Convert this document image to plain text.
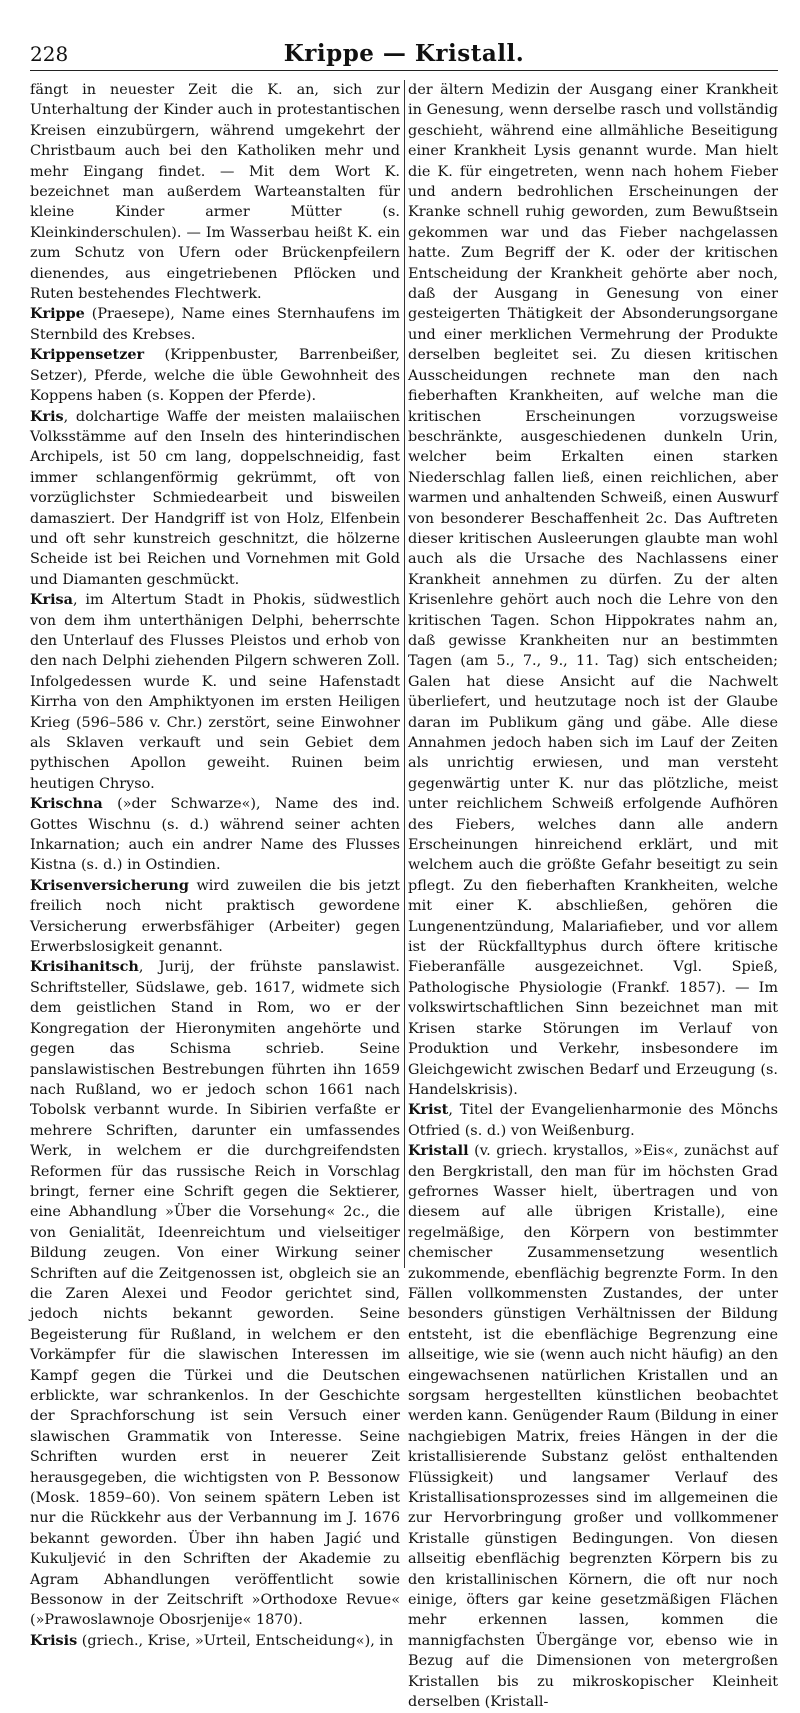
228	Krippe — Kristall.

fängt in neuester Zeit die K. an, sich zur Unterhaltung der Kinder auch in protestantischen Kreisen einzubürgern, während umgekehrt der Christbaum auch bei den Katholiken mehr und mehr Eingang findet. — Mit dem Wort K. bezeichnet man außerdem Warteanstalten für kleine Kinder armer Mütter (s. Kleinkinderschulen). — Im Wasserbau heißt K. ein zum Schutz von Ufern oder Brückenpfeilern dienendes, aus eingetriebenen Pflöcken und Ruten bestehendes Flechtwerk.

Krippe (Praesepe), Name eines Sternhaufens im Sternbild des Krebses.

Krippensetzer (Krippenbuster, Barrenbeißer, Setzer), Pferde, welche die üble Gewohnheit des Koppens haben (s. Koppen der Pferde).

Kris, dolchartige Waffe der meisten malaiischen Volksstämme auf den Inseln des hinterindischen Archipels, ist 50 cm lang, doppelschneidig, fast immer schlangenförmig gekrümmt, oft von vorzüglichster Schmiedearbeit und bisweilen damasziert. Der Handgriff ist von Holz, Elfenbein und oft sehr kunstreich geschnitzt, die hölzerne Scheide ist bei Reichen und Vornehmen mit Gold und Diamanten geschmückt.

Krisa, im Altertum Stadt in Phokis, südwestlich von dem ihm unterthänigen Delphi, beherrschte den Unterlauf des Flusses Pleistos und erhob von den nach Delphi ziehenden Pilgern schweren Zoll. Infolgedessen wurde K. und seine Hafenstadt Kirrha von den Amphiktyonen im ersten Heiligen Krieg (596–586 v. Chr.) zerstört, seine Einwohner als Sklaven verkauft und sein Gebiet dem pythischen Apollon geweiht. Ruinen beim heutigen Chryso.

Krischna (»der Schwarze«), Name des ind. Gottes Wischnu (s. d.) während seiner achten Inkarnation; auch ein andrer Name des Flusses Kistna (s. d.) in Ostindien.

Krisenversicherung wird zuweilen die bis jetzt freilich noch nicht praktisch gewordene Versicherung erwerbsfähiger (Arbeiter) gegen Erwerbslosigkeit genannt.

Krisihanitsch, Jurij, der frühste panslawist. Schriftsteller, Südslawe, geb. 1617, widmete sich dem geistlichen Stand in Rom, wo er der Kongregation der Hieronymiten angehörte und gegen das Schisma schrieb. Seine panslawistischen Bestrebungen führten ihn 1659 nach Rußland, wo er jedoch schon 1661 nach Tobolsk verbannt wurde. In Sibirien verfaßte er mehrere Schriften, darunter ein umfassendes Werk, in welchem er die durchgreifendsten Reformen für das russische Reich in Vorschlag bringt, ferner eine Schrift gegen die Sektierer, eine Abhandlung »Über die Vorsehung« 2c., die von Genialität, Ideenreichtum und vielseitiger Bildung zeugen. Von einer Wirkung seiner Schriften auf die Zeitgenossen ist, obgleich sie an die Zaren Alexei und Feodor gerichtet sind, jedoch nichts bekannt geworden. Seine Begeisterung für Rußland, in welchem er den Vorkämpfer für die slawischen Interessen im Kampf gegen die Türkei und die Deutschen erblickte, war schrankenlos. In der Geschichte der Sprachforschung ist sein Versuch einer slawischen Grammatik von Interesse. Seine Schriften wurden erst in neuerer Zeit herausgegeben, die wichtigsten von P. Bessonow (Mosk. 1859–60). Von seinem spätern Leben ist nur die Rückkehr aus der Verbannung im J. 1676 bekannt geworden. Über ihn haben Jagić und Kukuljević in den Schriften der Akademie zu Agram Abhandlungen veröffentlicht sowie Bessonow in der Zeitschrift »Orthodoxe Revue« (»Prawoslawnoje Obosrjenije« 1870).

Krisis (griech., Krise, »Urteil, Entscheidung«), in

der ältern Medizin der Ausgang einer Krankheit in Genesung, wenn derselbe rasch und vollständig geschieht, während eine allmähliche Beseitigung einer Krankheit Lysis genannt wurde. Man hielt die K. für eingetreten, wenn nach hohem Fieber und andern bedrohlichen Erscheinungen der Kranke schnell ruhig geworden, zum Bewußtsein gekommen war und das Fieber nachgelassen hatte. Zum Begriff der K. oder der kritischen Entscheidung der Krankheit gehörte aber noch, daß der Ausgang in Genesung von einer gesteigerten Thätigkeit der Absonderungsorgane und einer merklichen Vermehrung der Produkte derselben begleitet sei. Zu diesen kritischen Ausscheidungen rechnete man den nach fieberhaften Krankheiten, auf welche man die kritischen Erscheinungen vorzugsweise beschränkte, ausgeschiedenen dunkeln Urin, welcher beim Erkalten einen starken Niederschlag fallen ließ, einen reichlichen, aber warmen und anhaltenden Schweiß, einen Auswurf von besonderer Beschaffenheit 2c. Das Auftreten dieser kritischen Ausleerungen glaubte man wohl auch als die Ursache des Nachlassens einer Krankheit annehmen zu dürfen. Zu der alten Krisenlehre gehört auch noch die Lehre von den kritischen Tagen. Schon Hippokrates nahm an, daß gewisse Krankheiten nur an bestimmten Tagen (am 5., 7., 9., 11. Tag) sich entscheiden; Galen hat diese Ansicht auf die Nachwelt überliefert, und heutzutage noch ist der Glaube daran im Publikum gäng und gäbe. Alle diese Annahmen jedoch haben sich im Lauf der Zeiten als unrichtig erwiesen, und man versteht gegenwärtig unter K. nur das plötzliche, meist unter reichlichem Schweiß erfolgende Aufhören des Fiebers, welches dann alle andern Erscheinungen hinreichend erklärt, und mit welchem auch die größte Gefahr beseitigt zu sein pflegt. Zu den fieberhaften Krankheiten, welche mit einer K. abschließen, gehören die Lungenentzündung, Malariafieber, und vor allem ist der Rückfalltyphus durch öftere kritische Fieberanfälle ausgezeichnet. Vgl. Spieß, Pathologische Physiologie (Frankf. 1857). — Im volkswirtschaftlichen Sinn bezeichnet man mit Krisen starke Störungen im Verlauf von Produktion und Verkehr, insbesondere im Gleichgewicht zwischen Bedarf und Erzeugung (s. Handelskrisis).

Krist, Titel der Evangelienharmonie des Mönchs Otfried (s. d.) von Weißenburg.

Kristall (v. griech. krystallos, »Eis«, zunächst auf den Bergkristall, den man für im höchsten Grad gefrornes Wasser hielt, übertragen und von diesem auf alle übrigen Kristalle), eine regelmäßige, den Körpern von bestimmter chemischer Zusammensetzung wesentlich zukommende, ebenflächig begrenzte Form. In den Fällen vollkommensten Zustandes, der unter besonders günstigen Verhältnissen der Bildung entsteht, ist die ebenflächige Begrenzung eine allseitige, wie sie (wenn auch nicht häufig) an den eingewachsenen natürlichen Kristallen und an sorgsam hergestellten künstlichen beobachtet werden kann. Genügender Raum (Bildung in einer nachgiebigen Matrix, freies Hängen in der die kristallisierende Substanz gelöst enthaltenden Flüssigkeit) und langsamer Verlauf des Kristallisationsprozesses sind im allgemeinen die zur Hervorbringung großer und vollkommener Kristalle günstigen Bedingungen. Von diesen allseitig ebenflächig begrenzten Körpern bis zu den kristallinischen Körnern, die oft nur noch einige, öfters gar keine gesetzmäßigen Flächen mehr erkennen lassen, kommen die mannigfachsten Übergänge vor, ebenso wie in Bezug auf die Dimensionen von metergroßen Kristallen bis zu mikroskopischer Kleinheit derselben (Kristall-
